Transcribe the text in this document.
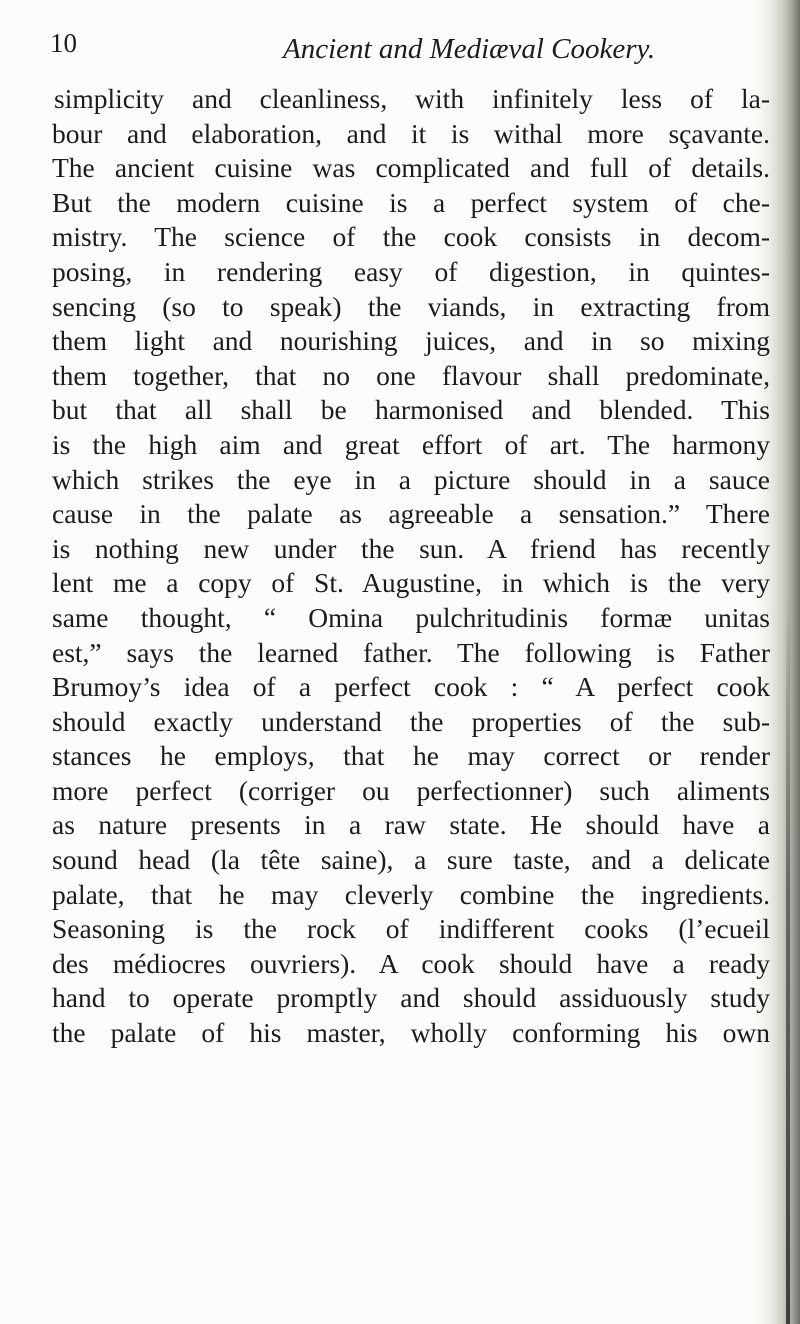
10	Ancient and Mediæval Cookery.
simplicity and cleanliness, with infinitely less of la-
bour and elaboration, and it is withal more sçavante.
The ancient cuisine was complicated and full of details.
But the modern cuisine is a perfect system of che-
mistry. The science of the cook consists in decom-
posing, in rendering easy of digestion, in quintes-
sencing (so to speak) the viands, in extracting from
them light and nourishing juices, and in so mixing
them together, that no one flavour shall predominate,
but that all shall be harmonised and blended. This
is the high aim and great effort of art. The harmony
which strikes the eye in a picture should in a sauce
cause in the palate as agreeable a sensation.” There
is nothing new under the sun. A friend has recently
lent me a copy of St. Augustine, in which is the very
same thought, “ Omina pulchritudinis formæ unitas
est,” says the learned father. The following is Father
Brumoy’s idea of a perfect cook : “ A perfect cook
should exactly understand the properties of the sub-
stances he employs, that he may correct or render
more perfect (corriger ou perfectionner) such aliments
as nature presents in a raw state. He should have a
sound head (la tête saine), a sure taste, and a delicate
palate, that he may cleverly combine the ingredients.
Seasoning is the rock of indifferent cooks (l’ecueil
des médiocres ouvriers). A cook should have a ready
hand to operate promptly and should assiduously study
the palate of his master, wholly conforming his own
